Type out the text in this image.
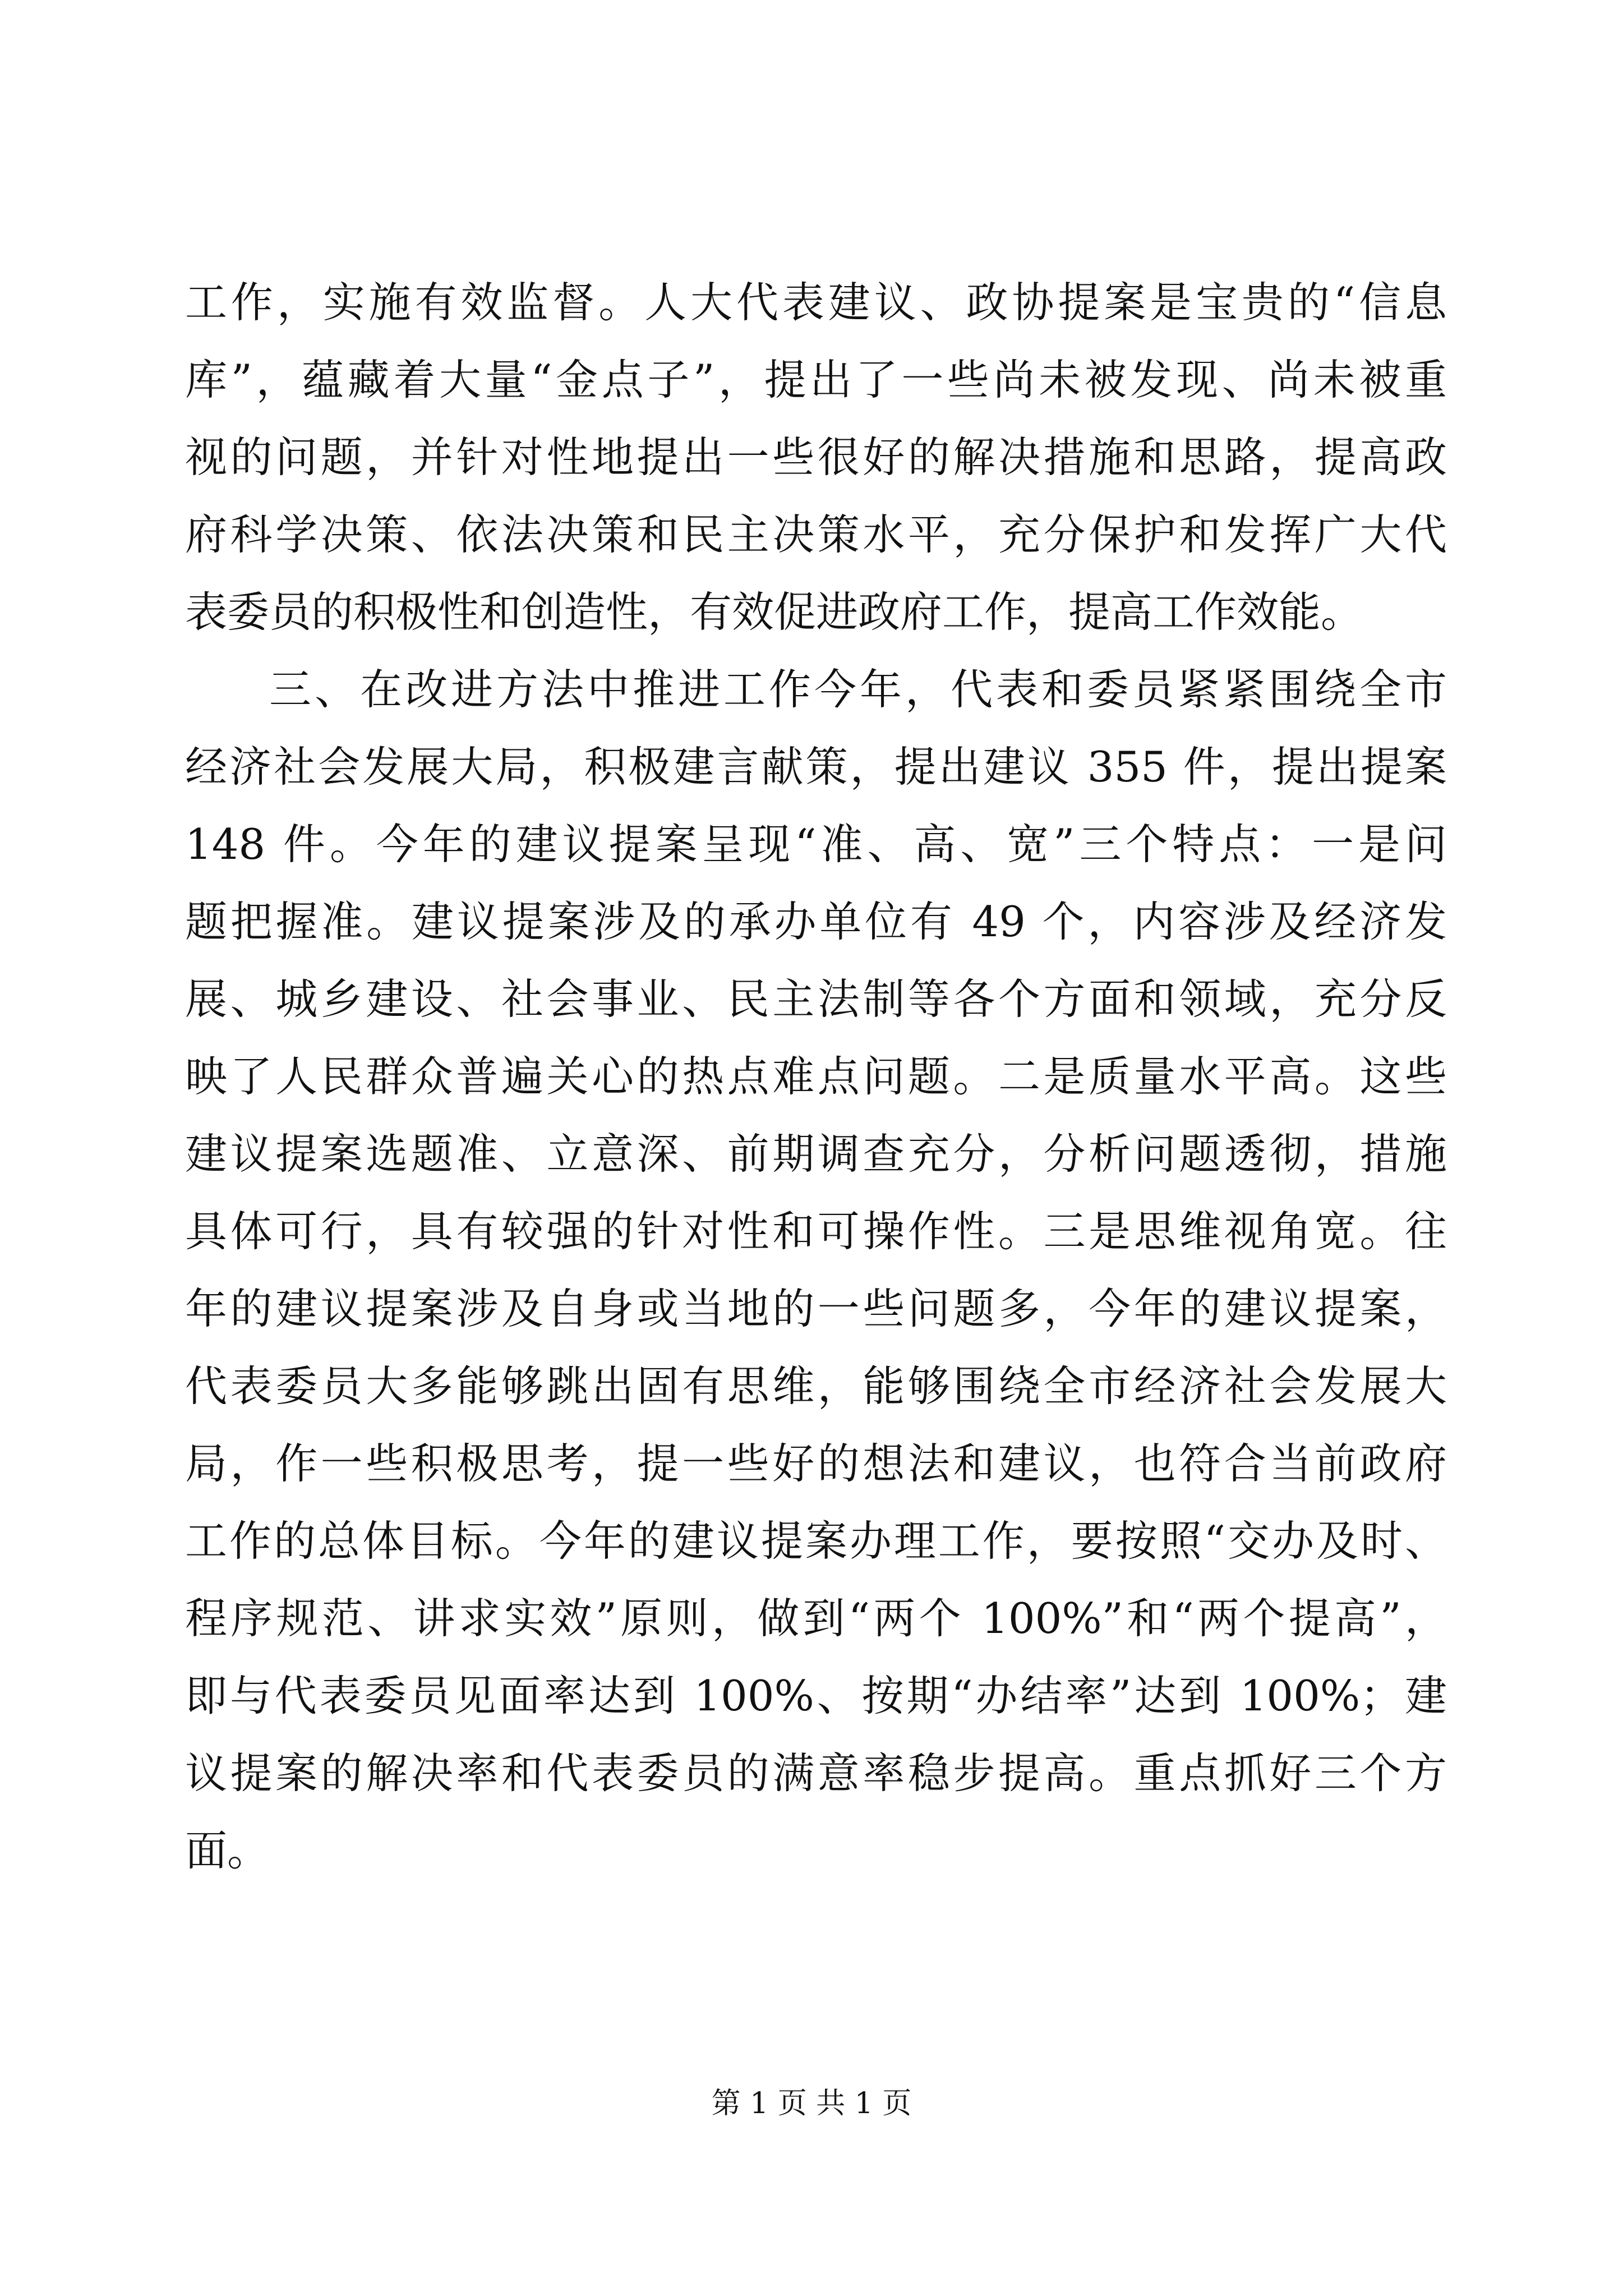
工作，实施有效监督。人大代表建议、政协提案是宝贵的“信息
库”，蕴藏着大量“金点子”，提出了一些尚未被发现、尚未被重
视的问题，并针对性地提出一些很好的解决措施和思路，提高政
府科学决策、依法决策和民主决策水平，充分保护和发挥广大代
表委员的积极性和创造性，有效促进政府工作，提高工作效能。
三、在改进方法中推进工作今年，代表和委员紧紧围绕全市
经济社会发展大局，积极建言献策，提出建议 355 件，提出提案
148 件。今年的建议提案呈现“准、高、宽”三个特点：一是问
题把握准。建议提案涉及的承办单位有 49 个，内容涉及经济发
展、城乡建设、社会事业、民主法制等各个方面和领域，充分反
映了人民群众普遍关心的热点难点问题。二是质量水平高。这些
建议提案选题准、立意深、前期调查充分，分析问题透彻，措施
具体可行，具有较强的针对性和可操作性。三是思维视角宽。往
年的建议提案涉及自身或当地的一些问题多，今年的建议提案，
代表委员大多能够跳出固有思维，能够围绕全市经济社会发展大
局，作一些积极思考，提一些好的想法和建议，也符合当前政府
工作的总体目标。今年的建议提案办理工作，要按照“交办及时、
程序规范、讲求实效”原则，做到“两个 100%”和“两个提高”，
即与代表委员见面率达到 100%、按期“办结率”达到 100%；建
议提案的解决率和代表委员的满意率稳步提高。重点抓好三个方
面。
第 1 页 共 1 页
